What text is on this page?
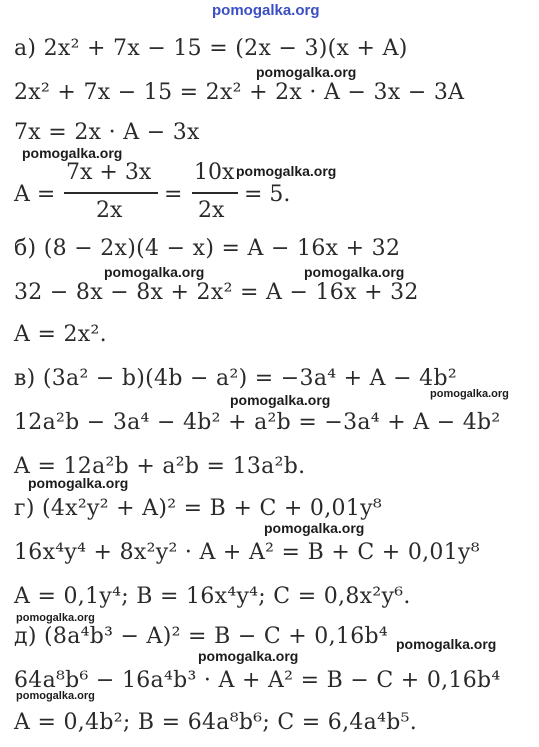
pomogalka.org
pomogalka.org
pomogalka.org
pomogalka.org
pomogalka.org	pomogalka.org
pomogalka.org	pomogalka.org
pomogalka.org
pomogalka.org
pomogalka.org
pomogalka.org
pomogalka.org
pomogalka.org
а) 2x² + 7x − 15 = (2x − 3)(x + A)
2x² + 7x − 15 = 2x² + 2x · A − 3x − 3A
7x = 2x · A − 3x
A =
7x + 3x
2x
=
10x
2x
= 5.
б) (8 − 2x)(4 − x) = A − 16x + 32
32 − 8x − 8x + 2x² = A − 16x + 32
A = 2x².
в) (3a² − b)(4b − a²) = −3a⁴ + A − 4b²
12a²b − 3a⁴ − 4b² + a²b = −3a⁴ + A − 4b²
A = 12a²b + a²b = 13a²b.
г) (4x²y² + A)² = B + C + 0,01y⁸
16x⁴y⁴ + 8x²y² · A + A² = B + C + 0,01y⁸
A = 0,1y⁴; B = 16x⁴y⁴; C = 0,8x²y⁶.
д) (8a⁴b³ − A)² = B − C + 0,16b⁴
64a⁸b⁶ − 16a⁴b³ · A + A² = B − C + 0,16b⁴
A = 0,4b²; B = 64a⁸b⁶; C = 6,4a⁴b⁵.
